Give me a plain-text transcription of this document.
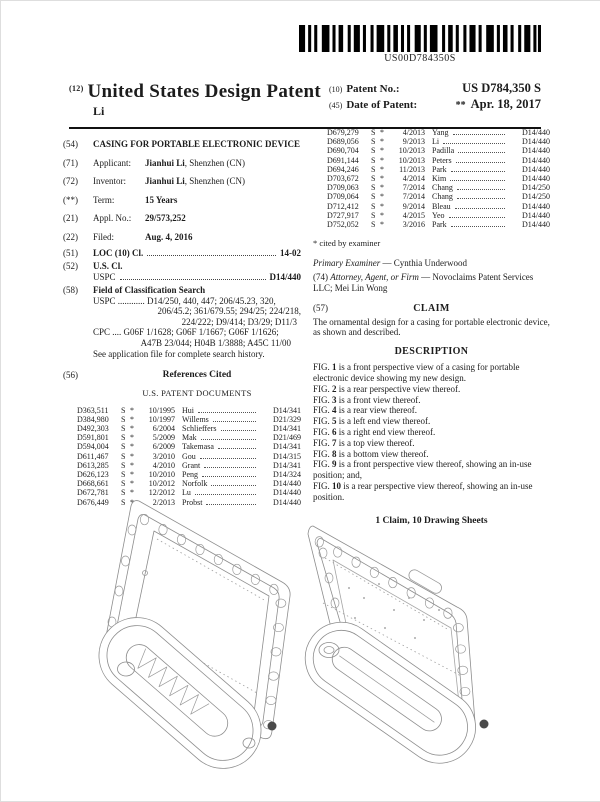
US00D784350S
$^{(12)}$ United States Design Patent
Li
(10) Patent No.:	US D784,350 S
(45) Date of Patent:	** Apr. 18, 2017
(54)	CASING FOR PORTABLE ELECTRONIC DEVICE
(71)	Applicant: Jianhui Li, Shenzhen (CN)
(72)	Inventor: Jianhui Li, Shenzhen (CN)
(**)	Term:	15 Years
(21)	Appl. No.: 29/573,252
(22)	Filed:	Aug. 4, 2016
(51)	LOC (10) Cl.	14-02
(52)	U.S. Cl.
USPC	D14/440
(58)	Field of Classification Search
USPC ............ D14/250, 440, 447; 206/45.23, 320,
206/45.2; 361/679.55; 294/25; 224/218,
224/222; D9/414; D3/29; D11/3
CPC .... G06F 1/1628; G06F 1/1667; G06F 1/1626;
A47B 23/044; H04B 1/3888; A45C 11/00
See application file for complete search history.
(56)	References Cited
U.S. PATENT DOCUMENTS
D363,511	S *	10/1995 Hui	D14/341
D384,980	S *	10/1997 Willems	D21/329
D492,303	S *	6/2004 Schlieffers	D14/341
D591,801	S *	5/2009 Mak	D21/469
D594,004	S *	6/2009 Takemasa	D14/341
D611,467	S *	3/2010 Gou	D14/315
D613,285	S *	4/2010 Grant	D14/341
D626,123	S *	10/2010 Peng	D14/324
D668,661	S *	10/2012 Norfolk	D14/440
D672,781	S *	12/2012 Lu	D14/440
D676,449	S *	2/2013 Probst	D14/440
D679,279	S *	4/2013 Yang	D14/440
D689,056	S *	9/2013 Li	D14/440
D690,704	S *	10/2013 Padilla	D14/440
D691,144	S *	10/2013 Peters	D14/440
D694,246	S *	11/2013 Park	D14/440
D703,672	S *	4/2014 Kim	D14/440
D709,063	S *	7/2014 Chang	D14/250
D709,064	S *	7/2014 Chang	D14/250
D712,412	S *	9/2014 Bleau	D14/440
D727,917	S *	4/2015 Yeo	D14/440
D752,052	S *	3/2016 Park	D14/440
* cited by examiner
Primary Examiner — Cynthia Underwood
(74) Attorney, Agent, or Firm — Novoclaims Patent Services LLC; Mei Lin Wong
(57)	CLAIM
The ornamental design for a casing for portable electronic device, as shown and described.
DESCRIPTION
FIG. 1 is a front perspective view of a casing for portable electronic device showing my new design.
FIG. 2 is a rear perspective view thereof.
FIG. 3 is a front view thereof.
FIG. 4 is a rear view thereof.
FIG. 5 is a left end view thereof.
FIG. 6 is a right end view thereof.
FIG. 7 is a top view thereof.
FIG. 8 is a bottom view thereof.
FIG. 9 is a front perspective view thereof, showing an in-use position; and,
FIG. 10 is a rear perspective view thereof, showing an in-use position.
1 Claim, 10 Drawing Sheets
